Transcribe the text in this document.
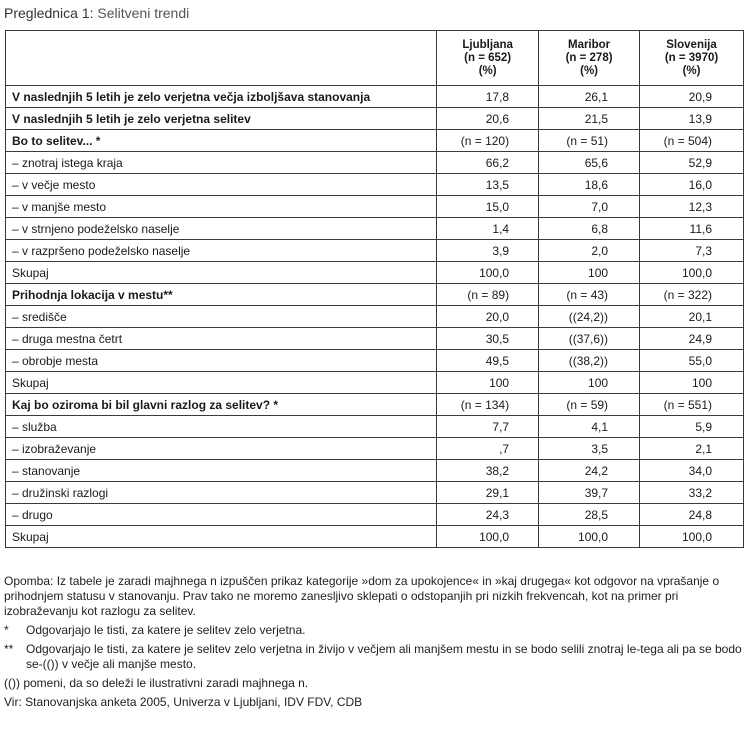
Preglednica 1: Selitveni trendi

	Ljubljana
(n = 652)
(%)	Maribor
(n = 278)
(%)	Slovenija
(n = 3970)
(%)

V naslednjih 5 letih je zelo verjetna večja izboljšava stanovanja	17,8	26,1	20,9
V naslednjih 5 letih je zelo verjetna selitev	20,6	21,5	13,9
Bo to selitev... *	(n = 120)	(n = 51)	(n = 504)
– znotraj istega kraja	66,2	65,6	52,9
– v večje mesto	13,5	18,6	16,0
– v manjše mesto	15,0	7,0	12,3
– v strnjeno podeželsko naselje	1,4	6,8	11,6
– v razpršeno podeželsko naselje	3,9	2,0	7,3
Skupaj	100,0	100	100,0
Prihodnja lokacija v mestu**	(n = 89)	(n = 43)	(n = 322)
– središče	20,0	((24,2))	20,1
– druga mestna četrt	30,5	((37,6))	24,9
– obrobje mesta	49,5	((38,2))	55,0
Skupaj	100	100	100
Kaj bo oziroma bi bil glavni razlog za selitev? *	(n = 134)	(n = 59)	(n = 551)
– služba	7,7	4,1	5,9
– izobraževanje	,7	3,5	2,1
– stanovanje	38,2	24,2	34,0
– družinski razlogi	29,1	39,7	33,2
– drugo	24,3	28,5	24,8
Skupaj	100,0	100,0	100,0

Opomba: Iz tabele je zaradi majhnega n izpuščen prikaz kategorije »dom za upokojence« in »kaj drugega« kot odgovor na vprašanje o prihodnjem statusu v stanovanju. Prav tako ne moremo zanesljivo sklepati o odstopanjih pri nizkih frekvencah, kot na primer pri izobraževanju kot razlogu za selitev.

*	Odgovarjajo le tisti, za katere je selitev zelo verjetna.
**	Odgovarjajo le tisti, za katere je selitev zelo verjetna in živijo v večjem ali manjšem mestu in se bodo selili znotraj le-tega ali pa se bodo se-(()) v večje ali manjše mesto.

(()) pomeni, da so deleži le ilustrativni zaradi majhnega n.

Vir: Stanovanjska anketa 2005, Univerza v Ljubljani, IDV FDV, CDB
